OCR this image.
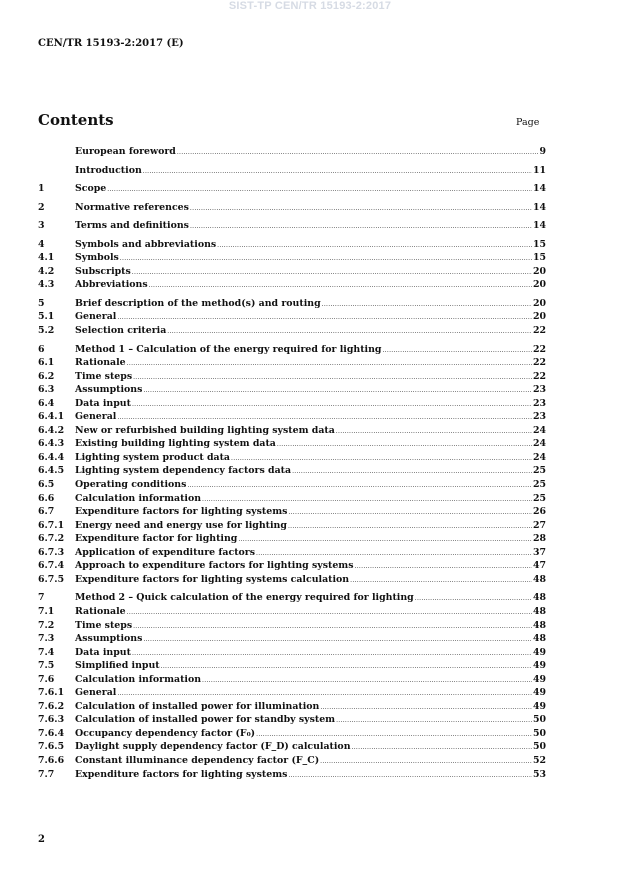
SIST-TP CEN/TR 15193-2:2017
CEN/TR 15193-2:2017 (E)
Contents	Page
European foreword .....	9
Introduction .....	11
1	Scope .....	14
2	Normative references .....	14
3	Terms and definitions .....	14
4	Symbols and abbreviations .....	15
4.1	Symbols .....	15
4.2	Subscripts .....	20
4.3	Abbreviations .....	20
5	Brief description of the method(s) and routing .....	20
5.1	General .....	20
5.2	Selection criteria .....	22
6	Method 1 – Calculation of the energy required for lighting .....	22
6.1	Rationale .....	22
6.2	Time steps .....	22
6.3	Assumptions .....	23
6.4	Data input .....	23
6.4.1	General .....	23
6.4.2	New or refurbished building lighting system data .....	24
6.4.3	Existing building lighting system data .....	24
6.4.4	Lighting system product data .....	24
6.4.5	Lighting system dependency factors data .....	25
6.5	Operating conditions .....	25
6.6	Calculation information .....	25
6.7	Expenditure factors for lighting systems .....	26
6.7.1	Energy need and energy use for lighting .....	27
6.7.2	Expenditure factor for lighting .....	28
6.7.3	Application of expenditure factors .....	37
6.7.4	Approach to expenditure factors for lighting systems .....	47
6.7.5	Expenditure factors for lighting systems calculation .....	48
7	Method 2 – Quick calculation of the energy required for lighting .....	48
7.1	Rationale .....	48
7.2	Time steps .....	48
7.3	Assumptions .....	48
7.4	Data input .....	49
7.5	Simplified input .....	49
7.6	Calculation information .....	49
7.6.1	General .....	49
7.6.2	Calculation of installed power for illumination .....	49
7.6.3	Calculation of installed power for standby system .....	50
7.6.4	Occupancy dependency factor (F₀) .....	50
7.6.5	Daylight supply dependency factor (F_D) calculation .....	50
7.6.6	Constant illuminance dependency factor (F_C) .....	52
7.7	Expenditure factors for lighting systems .....	53
2
